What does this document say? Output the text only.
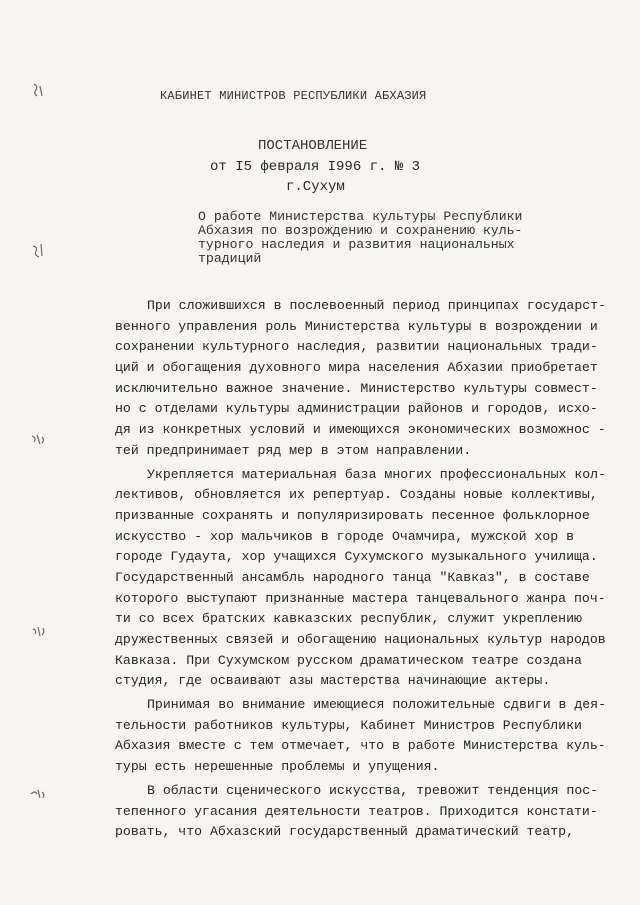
КАБИНЕТ МИНИСТРОВ РЕСПУБЛИКИ АБХАЗИЯ
ПОСТАНОВЛЕНИЕ
от I5 февраля I996 г. № 3
г.Сухум
О работе Министерства культуры Республики
Абхазия по возрождению и сохранению куль-
турного наследия и развития национальных
традиций
При сложившихся в послевоенный период принципах государст-
венного управления роль Министерства культуры в возрождении и
сохранении культурного наследия, развитии национальных тради-
ций и обогащения духовного мира населения Абхазии приобретает
исключительно важное значение. Министерство культуры совмест-
но с отделами культуры администрации районов и городов, исхо-
дя из конкретных условий и имеющихся экономических возможнос -
тей предпринимает ряд мер в этом направлении.
Укрепляется материальная база многих профессиональных кол-
лективов, обновляется их репертуар. Созданы новые коллективы,
призванные сохранять и популяризировать песенное фольклорное
искусство - хор мальчиков в городе Очамчира, мужской хор в
городе Гудаута, хор учащихся Сухумского музыкального училища.
Государственный ансамбль народного танца "Кавказ", в составе
которого выступают признанные мастера танцевального жанра поч-
ти со всех братских кавказских республик, служит укреплению
дружественных связей и обогащению национальных культур народов
Кавказа. При Сухумском русском драматическом театре создана
студия, где осваивают азы мастерства начинающие актеры.
Принимая во внимание имеющиеся положительные сдвиги в дея-
тельности работников культуры, Кабинет Министров Республики
Абхазия вместе с тем отмечает, что в работе Министерства куль-
туры есть нерешенные проблемы и упущения.
В области сценического искусства, тревожит тенденция пос-
тепенного угасания деятельности театров. Приходится констати-
ровать, что Абхазский государственный драматический театр,
